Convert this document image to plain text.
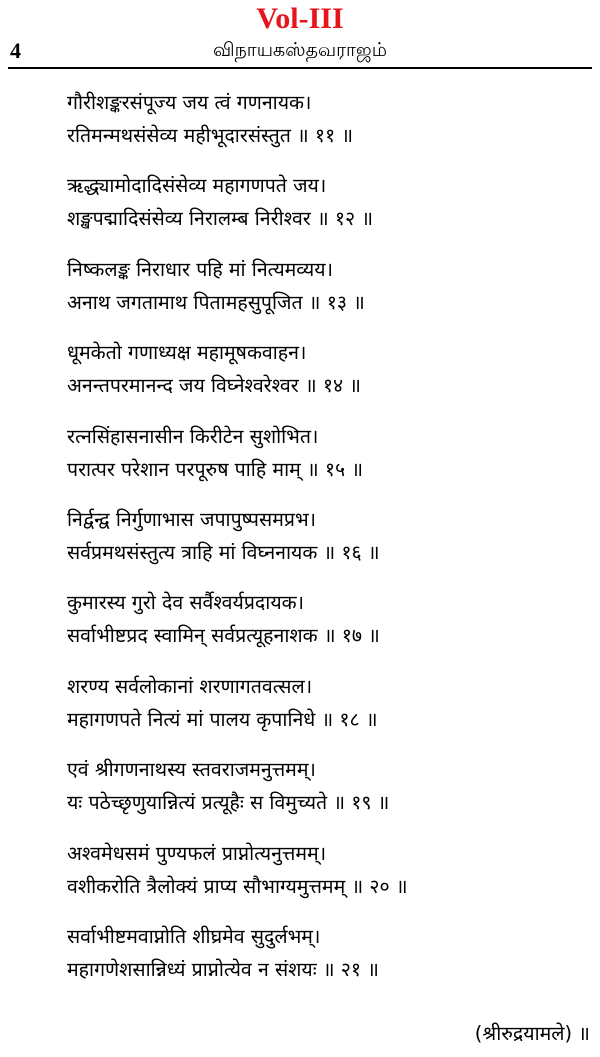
Vol-III
4	விநாயகஸ்தவராஜம்
गौरीशङ्करसंपूज्य जय त्वं गणनायक।
रतिमन्मथसंसेव्य महीभूदारसंस्तुत ॥ ११ ॥
ऋद्ध्यामोदादिसंसेव्य महागणपते जय।
शङ्खपद्मादिसंसेव्य निरालम्ब निरीश्वर ॥ १२ ॥
निष्कलङ्क निराधार पहि मां नित्यमव्यय।
अनाथ जगतामाथ पितामहसुपूजित ॥ १३ ॥
धूमकेतो गणाध्यक्ष महामूषकवाहन।
अनन्तपरमानन्द जय विघ्नेश्वरेश्वर ॥ १४ ॥
रत्नसिंहासनासीन किरीटेन सुशोभित।
परात्पर परेशान परपूरुष पाहि माम् ॥ १५ ॥
निर्द्वन्द्व निर्गुणाभास जपापुष्पसमप्रभ।
सर्वप्रमथसंस्तुत्य त्राहि मां विघ्ननायक ॥ १६ ॥
कुमारस्य गुरो देव सर्वैश्वर्यप्रदायक।
सर्वाभीष्टप्रद स्वामिन् सर्वप्रत्यूहनाशक ॥ १७ ॥
शरण्य सर्वलोकानां शरणागतवत्सल।
महागणपते नित्यं मां पालय कृपानिधे ॥ १८ ॥
एवं श्रीगणनाथस्य स्तवराजमनुत्तमम्।
यः पठेच्छृणुयान्नित्यं प्रत्यूहैः स विमुच्यते ॥ १९ ॥
अश्वमेधसमं पुण्यफलं प्राप्नोत्यनुत्तमम्।
वशीकरोति त्रैलोक्यं प्राप्य सौभाग्यमुत्तमम् ॥ २० ॥
सर्वाभीष्टमवाप्नोति शीघ्रमेव सुदुर्लभम्।
महागणेशसान्निध्यं प्राप्नोत्येव न संशयः ॥ २१ ॥
(श्रीरुद्रयामले) ॥
